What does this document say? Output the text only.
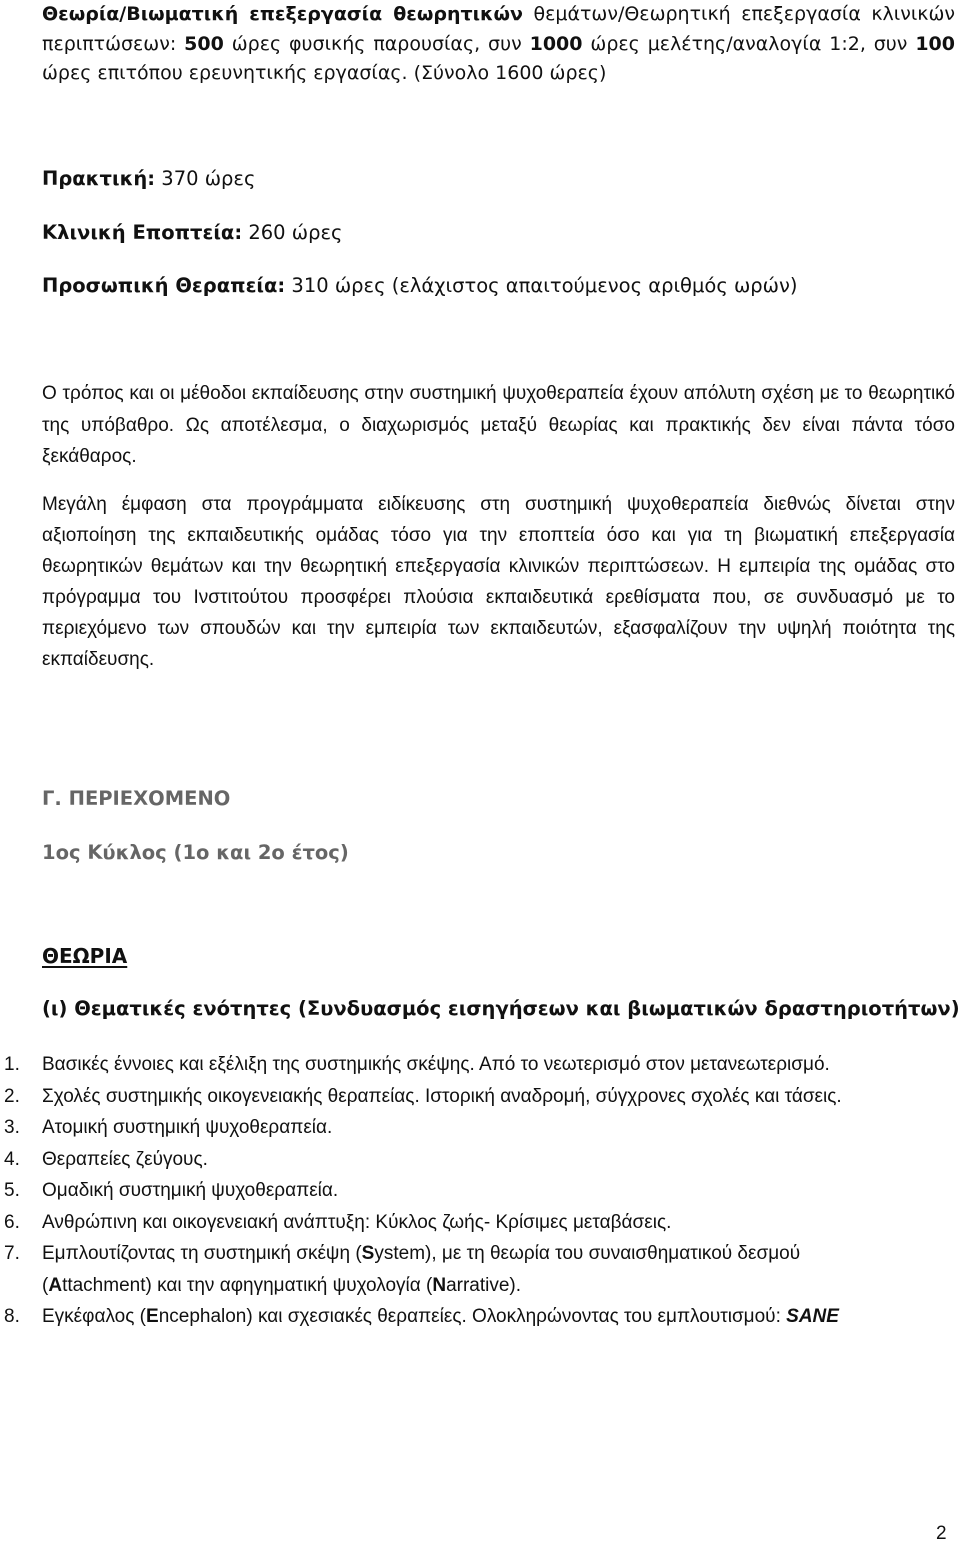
Θεωρία/Βιωματική επεξεργασία θεωρητικών θεμάτων/Θεωρητική επεξεργασία κλινικών περιπτώσεων: 500 ώρες φυσικής παρουσίας, συν 1000 ώρες μελέτης/αναλογία 1:2, συν 100 ώρες επιτόπου ερευνητικής εργασίας. (Σύνολο 1600 ώρες)

Πρακτική: 370 ώρες

Κλινική Εποπτεία: 260 ώρες

Προσωπική Θεραπεία: 310 ώρες (ελάχιστος απαιτούμενος αριθμός ωρών)

Ο τρόπος και οι μέθοδοι εκπαίδευσης στην συστημική ψυχοθεραπεία έχουν απόλυτη σχέση με το θεωρητικό της υπόβαθρο. Ως αποτέλεσμα, ο διαχωρισμός μεταξύ θεωρίας και πρακτικής δεν είναι πάντα τόσο ξεκάθαρος.

Μεγάλη έμφαση στα προγράμματα ειδίκευσης στη συστημική ψυχοθεραπεία διεθνώς δίνεται στην αξιοποίηση της εκπαιδευτικής ομάδας τόσο για την εποπτεία όσο και για τη βιωματική επεξεργασία θεωρητικών θεμάτων και την θεωρητική επεξεργασία κλινικών περιπτώσεων. Η εμπειρία της ομάδας στο πρόγραμμα του Ινστιτούτου προσφέρει πλούσια εκπαιδευτικά ερεθίσματα που, σε συνδυασμό με το περιεχόμενο των σπουδών και την εμπειρία των εκπαιδευτών, εξασφαλίζουν την υψηλή ποιότητα της εκπαίδευσης.

Γ. ΠΕΡΙΕΧΟΜΕΝΟ

1ος Κύκλος (1ο και 2ο έτος)

ΘΕΩΡΙΑ

(ι) Θεματικές ενότητες (Συνδυασμός εισηγήσεων και βιωματικών δραστηριοτήτων)

1. Βασικές έννοιες και εξέλιξη της συστημικής σκέψης. Από το νεωτερισμό στον μετανεωτερισμό.
2. Σχολές συστημικής οικογενειακής θεραπείας. Ιστορική αναδρομή, σύγχρονες σχολές και τάσεις.
3. Ατομική συστημική ψυχοθεραπεία.
4. Θεραπείες ζεύγους.
5. Ομαδική συστημική ψυχοθεραπεία.
6. Ανθρώπινη και οικογενειακή ανάπτυξη: Κύκλος ζωής- Κρίσιμες μεταβάσεις.
7. Εμπλουτίζοντας τη συστημική σκέψη (System), με τη θεωρία του συναισθηματικού δεσμού (Attachment) και την αφηγηματική ψυχολογία (Narrative).
8. Εγκέφαλος (Encephalon) και σχεσιακές θεραπείες. Ολοκληρώνοντας του εμπλουτισμού: SANE

2
